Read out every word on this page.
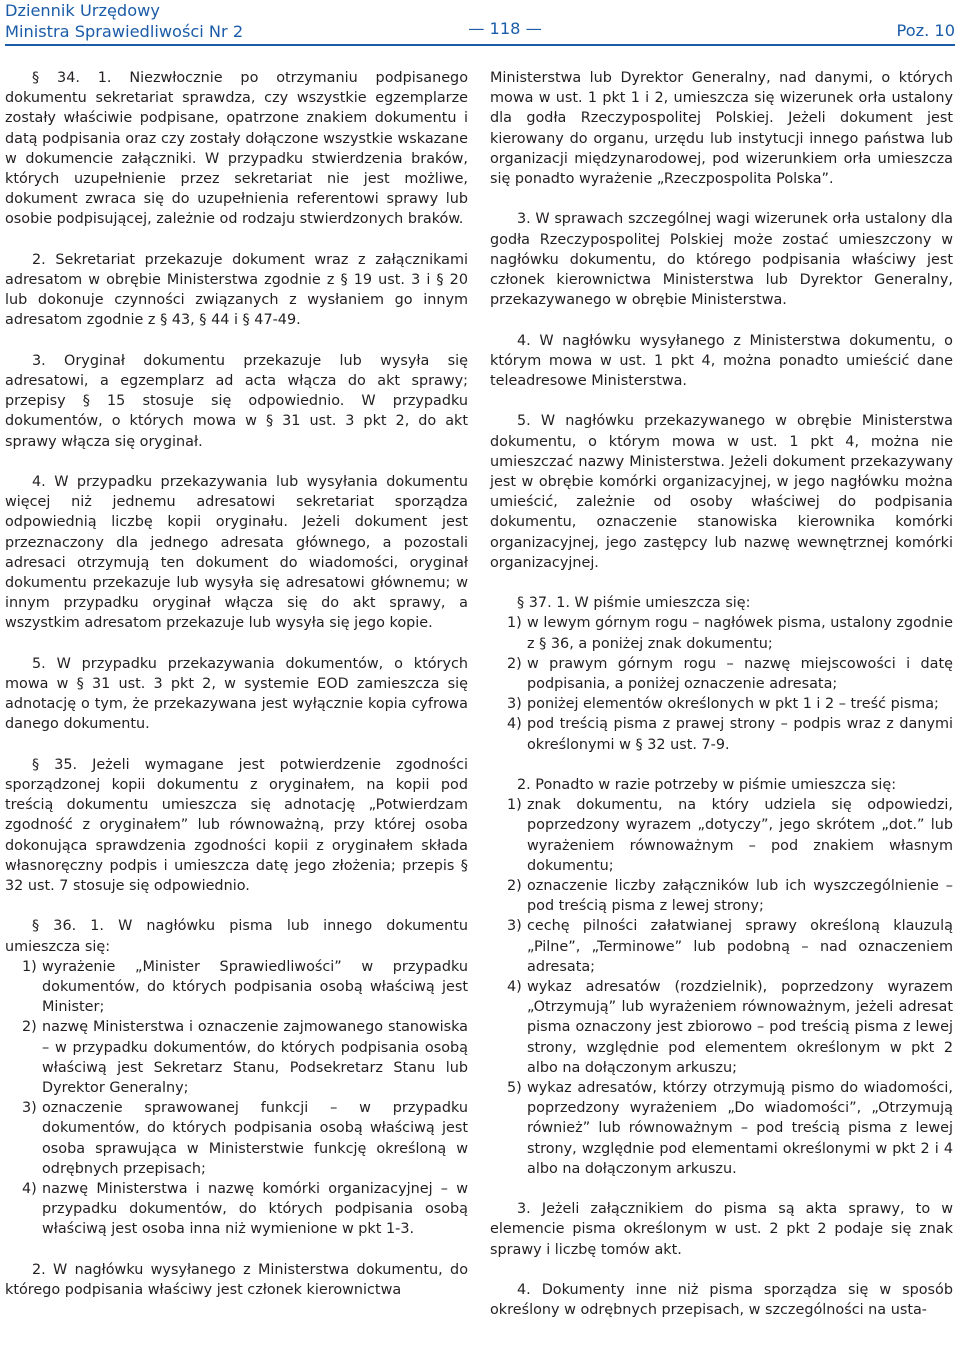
Dziennik Urzędowy
Ministra Sprawiedliwości Nr 2	— 118 —	Poz. 10

§ 34. 1. Niezwłocznie po otrzymaniu podpisanego dokumentu sekretariat sprawdza, czy wszystkie egzemplarze zostały właściwie podpisane, opatrzone znakiem dokumentu i datą podpisania oraz czy zostały dołączone wszystkie wskazane w dokumencie załączniki. W przypadku stwierdzenia braków, których uzupełnienie przez sekretariat nie jest możliwe, dokument zwraca się do uzupełnienia referentowi sprawy lub osobie podpisującej, zależnie od rodzaju stwierdzonych braków.

2. Sekretariat przekazuje dokument wraz z załącznikami adresatom w obrębie Ministerstwa zgodnie z § 19 ust. 3 i § 20 lub dokonuje czynności związanych z wysłaniem go innym adresatom zgodnie z § 43, § 44 i § 47-49.

3. Oryginał dokumentu przekazuje lub wysyła się adresatowi, a egzemplarz ad acta włącza do akt sprawy; przepisy § 15 stosuje się odpowiednio. W przypadku dokumentów, o których mowa w § 31 ust. 3 pkt 2, do akt sprawy włącza się oryginał.

4. W przypadku przekazywania lub wysyłania dokumentu więcej niż jednemu adresatowi sekretariat sporządza odpowiednią liczbę kopii oryginału. Jeżeli dokument jest przeznaczony dla jednego adresata głównego, a pozostali adresaci otrzymują ten dokument do wiadomości, oryginał dokumentu przekazuje lub wysyła się adresatowi głównemu; w innym przypadku oryginał włącza się do akt sprawy, a wszystkim adresatom przekazuje lub wysyła się jego kopie.

5. W przypadku przekazywania dokumentów, o których mowa w § 31 ust. 3 pkt 2, w systemie EOD zamieszcza się adnotację o tym, że przekazywana jest wyłącznie kopia cyfrowa danego dokumentu.

§ 35. Jeżeli wymagane jest potwierdzenie zgodności sporządzonej kopii dokumentu z oryginałem, na kopii pod treścią dokumentu umieszcza się adnotację „Potwierdzam zgodność z oryginałem” lub równoważną, przy której osoba dokonująca sprawdzenia zgodności kopii z oryginałem składa własnoręczny podpis i umieszcza datę jego złożenia; przepis § 32 ust. 7 stosuje się odpowiednio.

§ 36. 1. W nagłówku pisma lub innego dokumentu umieszcza się:

1) wyrażenie „Minister Sprawiedliwości” w przypadku dokumentów, do których podpisania osobą właściwą jest Minister;
2) nazwę Ministerstwa i oznaczenie zajmowanego stanowiska – w przypadku dokumentów, do których podpisania osobą właściwą jest Sekretarz Stanu, Podsekretarz Stanu lub Dyrektor Generalny;
3) oznaczenie sprawowanej funkcji – w przypadku dokumentów, do których podpisania osobą właściwą jest osoba sprawująca w Ministerstwie funkcję określoną w odrębnych przepisach;
4) nazwę Ministerstwa i nazwę komórki organizacyjnej – w przypadku dokumentów, do których podpisania osobą właściwą jest osoba inna niż wymienione w pkt 1-3.

2. W nagłówku wysyłanego z Ministerstwa dokumentu, do którego podpisania właściwy jest członek kierownictwa

Ministerstwa lub Dyrektor Generalny, nad danymi, o których mowa w ust. 1 pkt 1 i 2, umieszcza się wizerunek orła ustalony dla godła Rzeczypospolitej Polskiej. Jeżeli dokument jest kierowany do organu, urzędu lub instytucji innego państwa lub organizacji międzynarodowej, pod wizerunkiem orła umieszcza się ponadto wyrażenie „Rzeczpospolita Polska”.

3. W sprawach szczególnej wagi wizerunek orła ustalony dla godła Rzeczypospolitej Polskiej może zostać umieszczony w nagłówku dokumentu, do którego podpisania właściwy jest członek kierownictwa Ministerstwa lub Dyrektor Generalny, przekazywanego w obrębie Ministerstwa.

4. W nagłówku wysyłanego z Ministerstwa dokumentu, o którym mowa w ust. 1 pkt 4, można ponadto umieścić dane teleadresowe Ministerstwa.

5. W nagłówku przekazywanego w obrębie Ministerstwa dokumentu, o którym mowa w ust. 1 pkt 4, można nie umieszczać nazwy Ministerstwa. Jeżeli dokument przekazywany jest w obrębie komórki organizacyjnej, w jego nagłówku można umieścić, zależnie od osoby właściwej do podpisania dokumentu, oznaczenie stanowiska kierownika komórki organizacyjnej, jego zastępcy lub nazwę wewnętrznej komórki organizacyjnej.

§ 37. 1. W piśmie umieszcza się:

1) w lewym górnym rogu – nagłówek pisma, ustalony zgodnie z § 36, a poniżej znak dokumentu;
2) w prawym górnym rogu – nazwę miejscowości i datę podpisania, a poniżej oznaczenie adresata;
3) poniżej elementów określonych w pkt 1 i 2 – treść pisma;
4) pod treścią pisma z prawej strony – podpis wraz z danymi określonymi w § 32 ust. 7-9.

2. Ponadto w razie potrzeby w piśmie umieszcza się:

1) znak dokumentu, na który udziela się odpowiedzi, poprzedzony wyrazem „dotyczy”, jego skrótem „dot.” lub wyrażeniem równoważnym – pod znakiem własnym dokumentu;
2) oznaczenie liczby załączników lub ich wyszczególnienie – pod treścią pisma z lewej strony;
3) cechę pilności załatwianej sprawy określoną klauzulą „Pilne”, „Terminowe” lub podobną – nad oznaczeniem adresata;
4) wykaz adresatów (rozdzielnik), poprzedzony wyrazem „Otrzymują” lub wyrażeniem równoważnym, jeżeli adresat pisma oznaczony jest zbiorowo – pod treścią pisma z lewej strony, względnie pod elementem określonym w pkt 2 albo na dołączonym arkuszu;
5) wykaz adresatów, którzy otrzymują pismo do wiadomości, poprzedzony wyrażeniem „Do wiadomości”, „Otrzymują również” lub równoważnym – pod treścią pisma z lewej strony, względnie pod elementami określonymi w pkt 2 i 4 albo na dołączonym arkuszu.

3. Jeżeli załącznikiem do pisma są akta sprawy, to w elemencie pisma określonym w ust. 2 pkt 2 podaje się znak sprawy i liczbę tomów akt.

4. Dokumenty inne niż pisma sporządza się w sposób określony w odrębnych przepisach, w szczególności na usta-
